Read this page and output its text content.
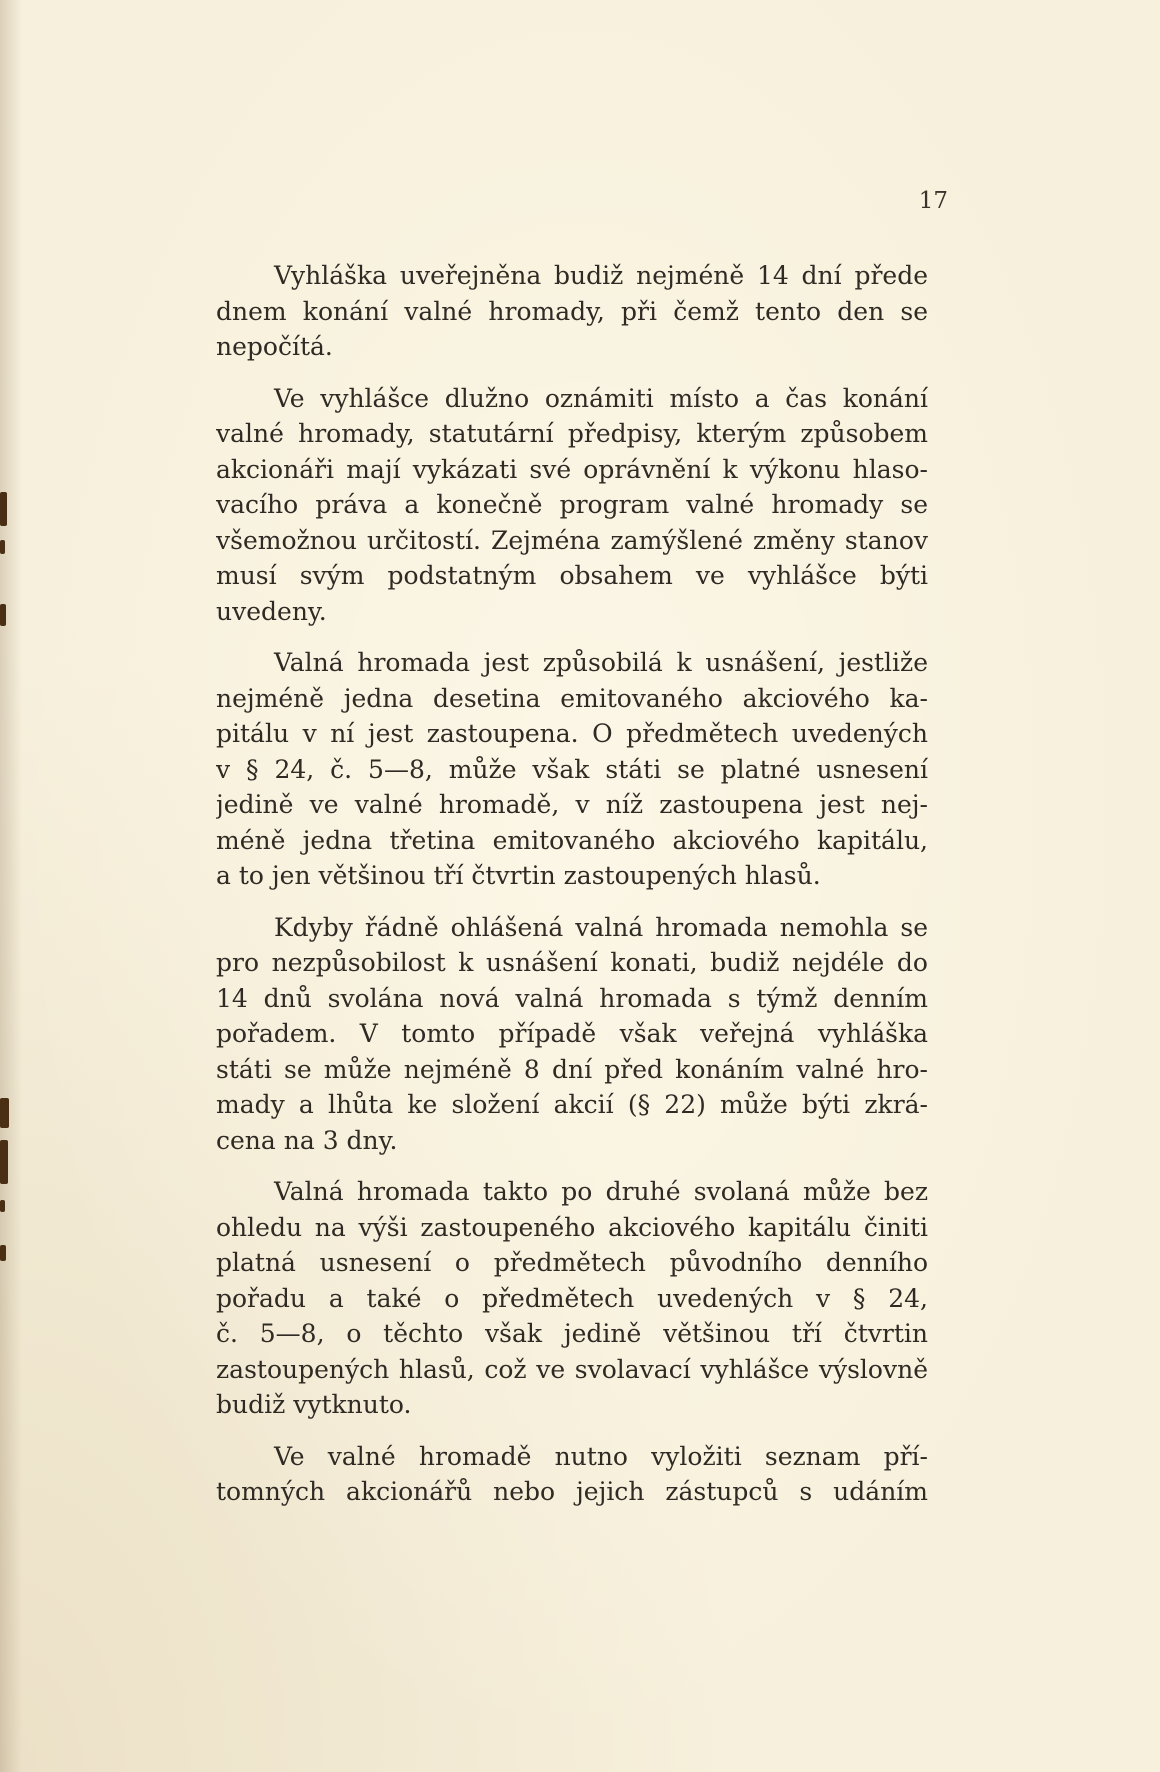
17

Vyhláška uveřejněna budiž nejméně 14 dní přede
dnem konání valné hromady, při čemž tento den se
nepočítá.

Ve vyhlášce dlužno oznámiti místo a čas konání
valné hromady, statutární předpisy, kterým způsobem
akcionáři mají vykázati své oprávnění k výkonu hlaso-
vacího práva a konečně program valné hromady se
všemožnou určitostí. Zejména zamýšlené změny stanov
musí svým podstatným obsahem ve vyhlášce býti
uvedeny.

Valná hromada jest způsobilá k usnášení, jestliže
nejméně jedna desetina emitovaného akciového ka-
pitálu v ní jest zastoupena. O předmětech uvedených
v § 24, č. 5—8, může však státi se platné usnesení
jedině ve valné hromadě, v níž zastoupena jest nej-
méně jedna třetina emitovaného akciového kapitálu,
a to jen většinou tří čtvrtin zastoupených hlasů.

Kdyby řádně ohlášená valná hromada nemohla se
pro nezpůsobilost k usnášení konati, budiž nejdéle do
14 dnů svolána nová valná hromada s týmž denním
pořadem. V tomto případě však veřejná vyhláška
státi se může nejméně 8 dní před konáním valné hro-
mady a lhůta ke složení akcií (§ 22) může býti zkrá-
cena na 3 dny.

Valná hromada takto po druhé svolaná může bez
ohledu na výši zastoupeného akciového kapitálu činiti
platná usnesení o předmětech původního denního
pořadu a také o předmětech uvedených v § 24,
č. 5—8, o těchto však jedině většinou tří čtvrtin
zastoupených hlasů, což ve svolavací vyhlášce výslovně
budiž vytknuto.

Ve valné hromadě nutno vyložiti seznam pří-
tomných akcionářů nebo jejich zástupců s udáním
